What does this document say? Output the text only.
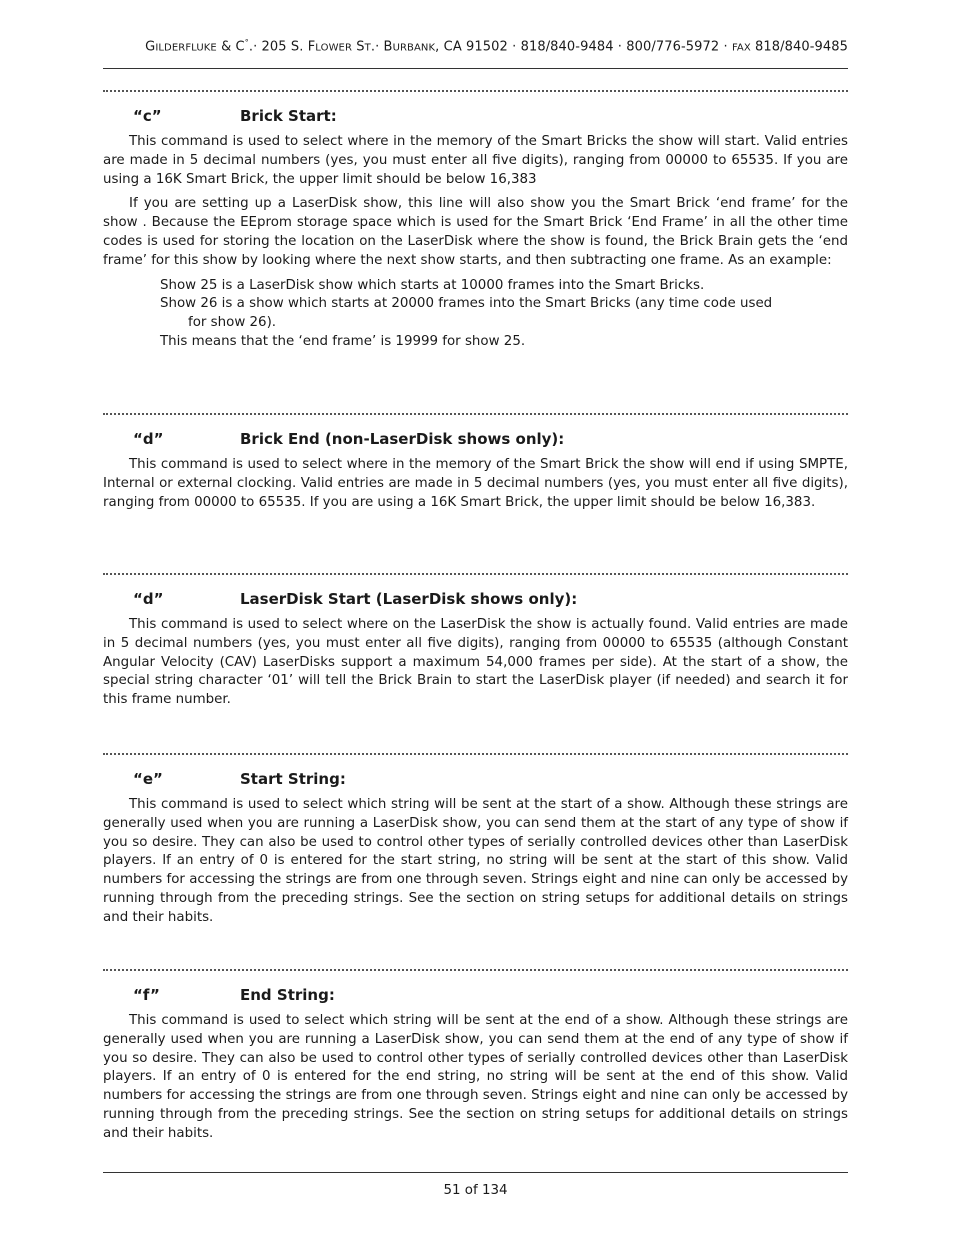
GILDERFLUKE & C°.· 205 S. FLOWER ST.· BURBANK, CA 91502 · 818/840-9484 · 800/776-5972 · FAX 818/840-9485
“c”	Brick Start:

This command is used to select where in the memory of the Smart Bricks the show will start. Valid entries are made in 5 decimal numbers (yes, you must enter all five digits), ranging from 00000 to 65535. If you are using a 16K Smart Brick, the upper limit should be below 16,383

If you are setting up a LaserDisk show, this line will also show you the Smart Brick ‘end frame’ for the show . Because the EEprom storage space which is used for the Smart Brick ‘End Frame’ in all the other time codes is used for storing the location on the LaserDisk where the show is found, the Brick Brain gets the ‘end frame’ for this show by looking where the next show starts, and then subtracting one frame. As an example:

Show 25 is a LaserDisk show which starts at 10000 frames into the Smart Bricks.

Show 26 is a show which starts at 20000 frames into the Smart Bricks (any time code used

for show 26).

This means that the ‘end frame’ is 19999 for show 25.

“d”	Brick End (non-LaserDisk shows only):

This command is used to select where in the memory of the Smart Brick the show will end if using SMPTE, Internal or external clocking. Valid entries are made in 5 decimal numbers (yes, you must enter all five digits), ranging from 00000 to 65535. If you are using a 16K Smart Brick, the upper limit should be below 16,383.

“d”	LaserDisk Start (LaserDisk shows only):

This command is used to select where on the LaserDisk the show is actually found. Valid entries are made in 5 decimal numbers (yes, you must enter all five digits), ranging from 00000 to 65535 (although Constant Angular Velocity (CAV) LaserDisks support a maximum 54,000 frames per side). At the start of a show, the special string character ‘01’ will tell the Brick Brain to start the LaserDisk player (if needed) and search it for this frame number.

“e”	Start String:

This command is used to select which string will be sent at the start of a show. Although these strings are generally used when you are running a LaserDisk show, you can send them at the start of any type of show if you so desire. They can also be used to control other types of serially controlled devices other than LaserDisk players. If an entry of 0 is entered for the start string, no string will be sent at the start of this show. Valid numbers for accessing the strings are from one through seven. Strings eight and nine can only be accessed by running through from the preceding strings. See the section on string setups for additional details on strings and their habits.

“f”	End String:

This command is used to select which string will be sent at the end of a show. Although these strings are generally used when you are running a LaserDisk show, you can send them at the end of any type of show if you so desire. They can also be used to control other types of serially controlled devices other than LaserDisk players. If an entry of 0 is entered for the end string, no string will be sent at the end of this show. Valid numbers for accessing the strings are from one through seven. Strings eight and nine can only be accessed by running through from the preceding strings. See the section on string setups for additional details on strings and their habits.

51 of 134
